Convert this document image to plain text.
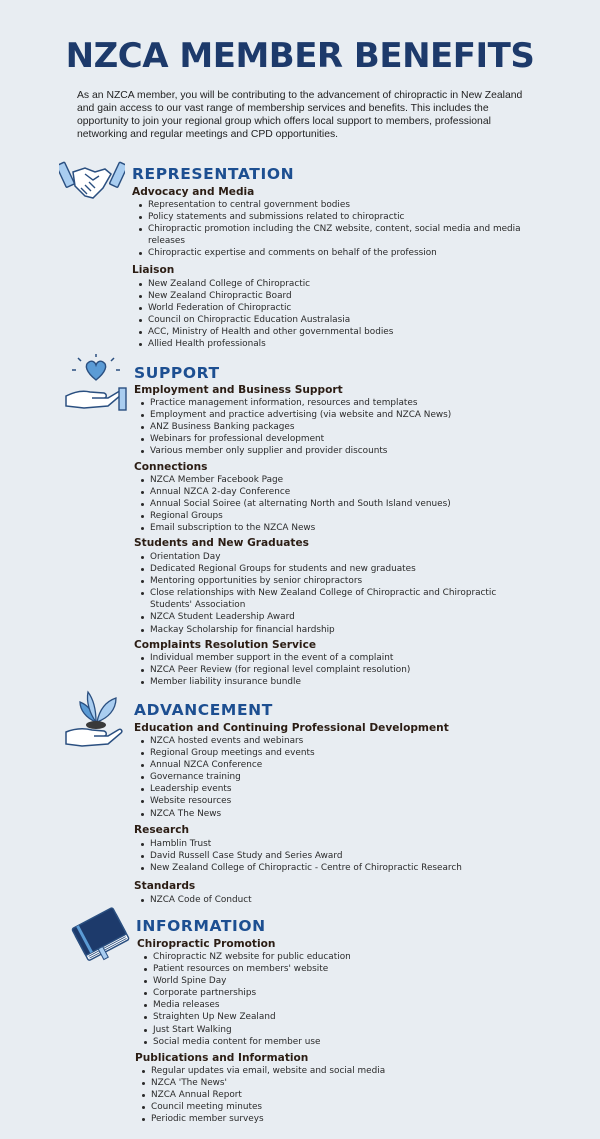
NZCA MEMBER BENEFITS
As an NZCA member, you will be contributing to the advancement of chiropractic in New Zealand and gain access to our vast range of membership services and benefits. This includes the opportunity to join your regional group which offers local support to members, professional networking and regular meetings and CPD opportunities.
REPRESENTATION
Advocacy and Media
Representation to central government bodies
Policy statements and submissions related to chiropractic
Chiropractic promotion including the CNZ website, content, social media and media releases
Chiropractic expertise and comments on behalf of the profession
Liaison
New Zealand College of Chiropractic
New Zealand Chiropractic Board
World Federation of Chiropractic
Council on Chiropractic Education Australasia
ACC, Ministry of Health and other governmental bodies
Allied Health professionals
SUPPORT
Employment and Business Support
Practice management information, resources and templates
Employment and practice advertising (via website and NZCA News)
ANZ Business Banking packages
Webinars for professional development
Various member only supplier and provider discounts
Connections
NZCA Member Facebook Page
Annual NZCA 2-day Conference
Annual Social Soiree (at alternating North and South Island venues)
Regional Groups
Email subscription to the NZCA News
Students and New Graduates
Orientation Day
Dedicated Regional Groups for students and new graduates
Mentoring opportunities by senior chiropractors
Close relationships with New Zealand College of Chiropractic and Chiropractic Students' Association
NZCA Student Leadership Award
Mackay Scholarship for financial hardship
Complaints Resolution Service
Individual member support in the event of a complaint
NZCA Peer Review (for regional level complaint resolution)
Member liability insurance bundle
ADVANCEMENT
Education and Continuing Professional Development
NZCA hosted events and webinars
Regional Group meetings and events
Annual NZCA Conference
Governance training
Leadership events
Website resources
NZCA The News
Research
Hamblin Trust
David Russell Case Study and Series Award
New Zealand College of Chiropractic - Centre of Chiropractic Research
Standards
NZCA Code of Conduct
INFORMATION
Chiropractic Promotion
Chiropractic NZ website for public education
Patient resources on members' website
World Spine Day
Corporate partnerships
Media releases
Straighten Up New Zealand
Just Start Walking
Social media content for member use
Publications and Information
Regular updates via email, website and social media
NZCA 'The News'
NZCA Annual Report
Council meeting minutes
Periodic member surveys
